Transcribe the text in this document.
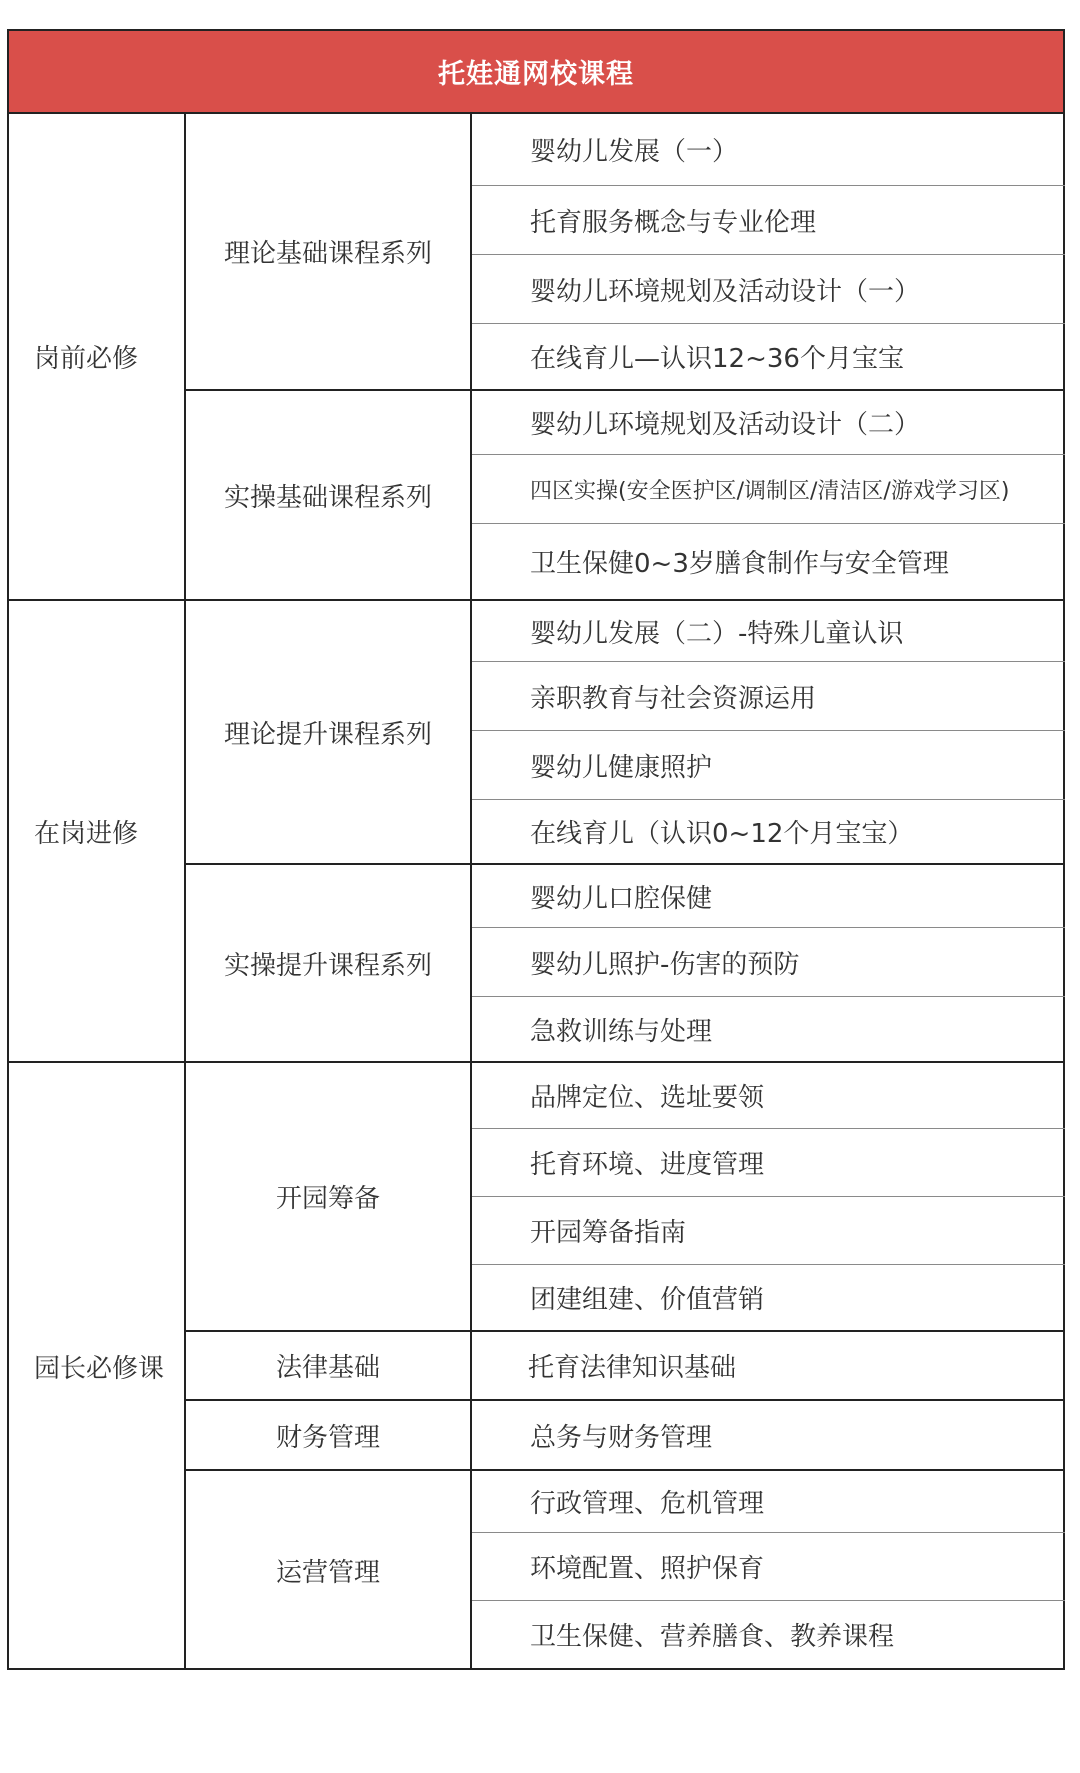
托娃通网校课程
岗前必修
在岗进修
园长必修课
理论基础课程系列
实操基础课程系列
理论提升课程系列
实操提升课程系列
开园筹备
法律基础
财务管理
运营管理
婴幼儿发展（一）
托育服务概念与专业伦理
婴幼儿环境规划及活动设计（一）
在线育儿—认识12~36个月宝宝
婴幼儿环境规划及活动设计（二）
四区实操(安全医护区/调制区/清洁区/游戏学习区)
卫生保健0~3岁膳食制作与安全管理
婴幼儿发展（二）-特殊儿童认识
亲职教育与社会资源运用
婴幼儿健康照护
在线育儿（认识0~12个月宝宝）
婴幼儿口腔保健
婴幼儿照护-伤害的预防
急救训练与处理
品牌定位、选址要领
托育环境、进度管理
开园筹备指南
团建组建、价值营销
托育法律知识基础
总务与财务管理
行政管理、危机管理
环境配置、照护保育
卫生保健、营养膳食、教养课程
